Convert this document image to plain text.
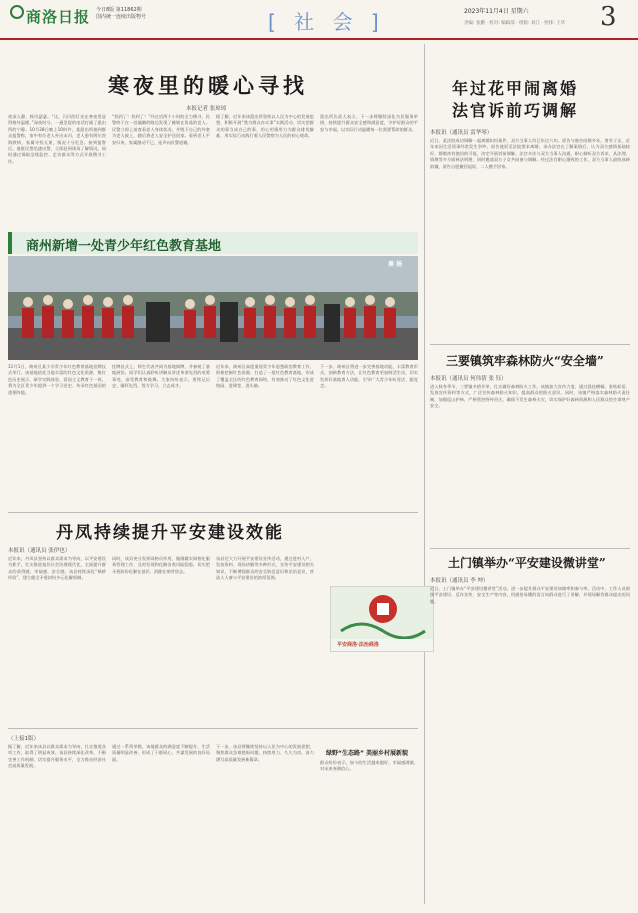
商洛日报 今日8版 第11862期
国内统一连续出版物号	[ 社 会 ]	2023年11月4日 星期六
责编: 张鹏 · 校对: 编辑部 · 组版: 刘江 · 照排: 王华 3
寒夜里的暖心寻找
本报记者 张琼琼
夜深人静，秋风瑟瑟。“这，闪闪的灯光在寒夜里显得格外温暖。”深夜时分，一通急促的电话打破了派出所的宁静。10月28日晚上10时许，某派出所接到群众报警称，家中有位老人外出未归，老人患有阿尔茨海默病，家属寻找无果，情况十分危急。接到报警后，值班民警迅速出警，立即赶到现场了解情况，同时通过调取沿线监控、走访群众等方式开展搜寻工作。
“找到了！找到了！”经过近两个小时的全力搜寻，民警终于在一处偏僻的路边发现了蜷缩在角落的老人。民警立即上前查看老人身体状况，并脱下自己的外套为老人披上，随后将老人安全护送回家。看到老人平安归来，家属激动不已，连声向民警道谢。
据了解，近年来该派出所坚持以人民为中心的发展思想，积极开展“我为群众办实事”实践活动，切实把群众的事当成自己的事，用心用情用力为群众排忧解难，用实际行动践行着人民警察为人民的初心使命。
派出所负责人表示，下一步将继续深化为民服务举措，持续提升群众安全感和满意度，守护好群众的平安与幸福，以实际行动温暖每一位需要帮助的群众。
商州新增一处青少年红色教育基地
秦 扬
11月1日，商州区某小学青少年红色教育基地挂牌仪式举行。该基地依托当地丰富的红色文化资源，集红色历史展示、研学实践体验、爱国主义教育于一体，将为全区青少年提供一个学习党史、传承红色基因的重要阵地。
挂牌仪式上，师生代表共同为基地揭牌，并参观了基地展馆。同学们认真聆听讲解员讲述革命先烈的英勇事迹，深受教育和鼓舞。大家纷纷表示，要铭记历史、缅怀先烈，努力学习，立志成才。
近年来，商州区高度重视青少年思想政治教育工作，积极挖掘红色资源，打造了一批红色教育基地，形成了覆盖全区的红色教育网络，有效推动了红色文化进校园、进课堂、进头脑。
下一步，商州区将进一步完善基地功能，丰富教育形式，创新教育方法，让红色教育更加鲜活生动，切实发挥好基地育人功能，引导广大青少年听党话、跟党走。
丹凤持续提升平安建设效能
本报讯（通讯员 张伊也）
近年来，丹凤县坚持以群众需求为导向，以平安建设为抓手，扎实推进基层社会治理现代化，全面提升群众的获得感、幸福感、安全感。该县持续深化“枫桥经验”，建立健全矛盾纠纷多元化解机制。
同时，该县充分发挥网格员作用，做细做实网格化服务管理工作，及时发现和化解各类风险隐患，切实把矛盾纠纷化解在基层、消除在萌芽状态。
该县还大力开展平安建设宣传活动，通过进村入户、发放资料、现场讲解等多种形式，宣传平安建设相关知识，不断增强群众的安全防范意识和法治意识，营造人人参与平安建设的浓厚氛围。
平安商洛·法治商洛
（上接1版）
据了解，近年来该县以群众需求为导向，扎实推进各项工作，取得了明显成效。该县持续深化改革，不断完善工作机制，切实提升服务水平，全力推动经济社会高质量发展。
通过一系列举措，该地群众的满意度不断提升，生活质量明显改善，形成了干群同心、共谋发展的良好局面。
下一步，该县将继续坚持以人民为中心的发展思想，聚焦群众急难愁盼问题，持续用力、久久为功，奋力谱写高质量发展新篇章。
绿野“生态路” 美丽乡村展新貌
群众纷纷表示，如今的生活越来越好，幸福感满满，对未来充满信心。
年过花甲闹离婚
法官诉前巧调解
本报讯（通讯员 雷华琴）
近日，某法院成功调解一起离婚纠纷案件，双方当事人均已年过六旬。原告与被告结婚多年，育有子女，近年来因生活琐事经常发生争吵，原告遂诉至法院要求离婚。承办法官在了解案情后，认为双方感情基础较好，婚姻尚有挽回的可能，决定开展诉前调解。法官多次与双方当事人沟通，耐心倾听双方诉求，从法理、情理等多方面释法明理，同时邀请双方子女共同参与调解。经过法官耐心细致的工作，双方当事人最终冰释前嫌，原告自愿撤回起诉，二人携手回家。
三要镇筑牢森林防火“安全墙”
本报讯（通讯员 何伟倩 张 钰）
进入秋冬季节，三要镇多措并举，扎实做好森林防火工作。该镇加大宣传力度，通过悬挂横幅、张贴标语、发放宣传资料等方式，广泛宣传森林防火知识，提高群众的防火意识。同时，该镇严格落实森林防火责任制，加强巡山护林，严格管控野外用火，确保不发生森林火灾，切实保护好森林资源和人民群众的生命财产安全。
土门镇举办“平安建设微讲堂”
本报讯（通讯员 李 坤）
近日，土门镇举办“平安建设微讲堂”活动，进一步提升群众平安建设知晓率和参与率。活动中，工作人员围绕平安建设、反诈宣传、安全生产等内容，用通俗易懂的语言向群众进行了讲解，并现场解答群众提出的问题。
